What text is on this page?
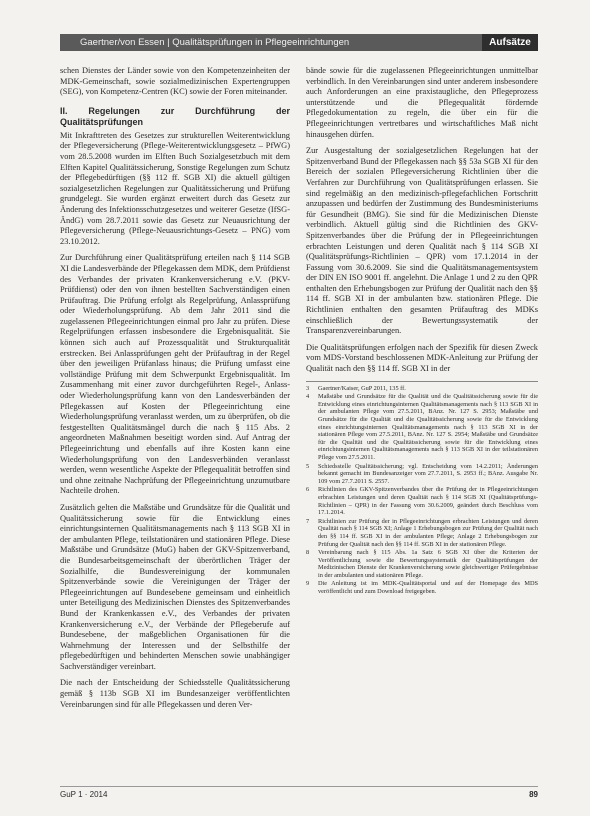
Gaertner/von Essen | Qualitätsprüfungen in Pflegeeinrichtungen	Aufsätze

schen Dienstes der Länder sowie von den Kompetenzeinheiten der MDK-Gemeinschaft, sowie sozialmedizinischen Expertengruppen (SEG), von Kompetenz-Centren (KC) sowie der Foren miteinander.

II. Regelungen zur Durchführung der Qualitätsprüfungen

Mit Inkrafttreten des Gesetzes zur strukturellen Weiterentwicklung der Pflegeversicherung (Pflege-Weiterentwicklungsgesetz – PfWG) vom 28.5.2008 wurden im Elften Buch Sozialgesetzbuch mit dem Elften Kapitel Qualitätssicherung, Sonstige Regelungen zum Schutz der Pflegebedürftigen (§§ 112 ff. SGB XI) die aktuell gültigen sozialgesetzlichen Regelungen zur Qualitätssicherung und Prüfung grundgelegt. Sie wurden ergänzt erweitert durch das Gesetz zur Änderung des Infektionsschutzgesetzes und weiterer Gesetze (IfSG-ÄndG) vom 28.7.2011 sowie das Gesetz zur Neuausrichtung der Pflegeversicherung (Pflege-Neuausrichtungs-Gesetz – PNG) vom 23.10.2012.

Zur Durchführung einer Qualitätsprüfung erteilen nach § 114 SGB XI die Landesverbände der Pflegekassen dem MDK, dem Prüfdienst des Verbandes der privaten Krankenversicherung e.V. (PKV-Prüfdienst) oder den von ihnen bestellten Sachverständigen einen Prüfauftrag. Die Prüfung erfolgt als Regelprüfung, Anlassprüfung oder Wiederholungsprüfung. Ab dem Jahr 2011 sind die zugelassenen Pflegeeinrichtungen einmal pro Jahr zu prüfen. Diese Regelprüfungen erfassen insbesondere die Ergebnisqualität. Sie können sich auch auf Prozessqualität und Strukturqualität erstrecken. Bei Anlassprüfungen geht der Prüfauftrag in der Regel über den jeweiligen Prüfanlass hinaus; die Prüfung umfasst eine vollständige Prüfung mit dem Schwerpunkt Ergebnisqualität. Im Zusammenhang mit einer zuvor durchgeführten Regel-, Anlass- oder Wiederholungsprüfung kann von den Landesverbänden der Pflegekassen auf Kosten der Pflegeeinrichtung eine Wiederholungsprüfung veranlasst werden, um zu überprüfen, ob die festgestellten Qualitätsmängel durch die nach § 115 Abs. 2 angeordneten Maßnahmen beseitigt worden sind. Auf Antrag der Pflegeeinrichtung und ebenfalls auf ihre Kosten kann eine Wiederholungsprüfung von den Landesverbänden veranlasst werden, wenn wesentliche Aspekte der Pflegequalität betroffen sind und ohne zeitnahe Nachprüfung der Pflegeeinrichtung unzumutbare Nachteile drohen.

Zusätzlich gelten die Maßstäbe und Grundsätze für die Qualität und Qualitätssicherung sowie für die Entwicklung eines einrichtungsinternen Qualitätsmanagements nach § 113 SGB XI in der ambulanten Pflege, teilstationären und stationären Pflege. Diese Maßstäbe und Grundsätze (MuG) haben der GKV-Spitzenverband, die Bundesarbeitsgemeinschaft der überörtlichen Träger der Sozialhilfe, die Bundesvereinigung der kommunalen Spitzenverbände sowie die Vereinigungen der Träger der Pflegeeinrichtungen auf Bundesebene gemeinsam und einheitlich unter Beteiligung des Medizinischen Dienstes des Spitzenverbandes Bund der Krankenkassen e.V., des Verbandes der privaten Krankenversicherung e.V., der Verbände der Pflegeberufe auf Bundesebene, der maßgeblichen Organisationen für die Wahrnehmung der Interessen und der Selbsthilfe der pflegebedürftigen und behinderten Menschen sowie unabhängiger Sachverständiger vereinbart.

Die nach der Entscheidung der Schiedsstelle Qualitätssicherung gemäß § 113b SGB XI im Bundesanzeiger veröffentlichten Vereinbarungen sind für alle Pflegekassen und deren Ver-

bände sowie für die zugelassenen Pflegeeinrichtungen unmittelbar verbindlich. In den Vereinbarungen sind unter anderem insbesondere auch Anforderungen an eine praxistaugliche, den Pflegeprozess unterstützende und die Pflegequalität fördernde Pflegedokumentation zu regeln, die über ein für die Pflegeeinrichtungen vertretbares und wirtschaftliches Maß nicht hinausgehen dürfen.

Zur Ausgestaltung der sozialgesetzlichen Regelungen hat der Spitzenverband Bund der Pflegekassen nach §§ 53a SGB XI für den Bereich der sozialen Pflegeversicherung Richtlinien über die Verfahren zur Durchführung von Qualitätsprüfungen erlassen. Sie sind regelmäßig an den medizinisch-pflegefachlichen Fortschritt anzupassen und bedürfen der Zustimmung des Bundesministeriums für Gesundheit (BMG). Sie sind für die Medizinischen Dienste verbindlich. Aktuell gültig sind die Richtlinien des GKV-Spitzenverbandes über die Prüfung der in Pflegeeinrichtungen erbrachten Leistungen und deren Qualität nach § 114 SGB XI (Qualitätsprüfungs-Richtlinien – QPR) vom 17.1.2014 in der Fassung vom 30.6.2009. Sie sind die Qualitätsmanagementsystem der DIN EN ISO 9001 ff. angelehnt. Die Anlage 1 und 2 zu den QPR enthalten den Erhebungsbogen zur Prüfung der Qualität nach den §§ 114 ff. SGB XI in der ambulanten bzw. stationären Pflege. Die Richtlinien enthalten den gesamten Prüfauftrag des MDKs einschließlich der Bewertungssystematik der Transparenzvereinbarungen.

Die Qualitätsprüfungen erfolgen nach der Spezifik für diesen Zweck vom MDS-Vorstand beschlossenen MDK-Anleitung zur Prüfung der Qualität nach den §§ 114 ff. SGB XI in der

3	Gaertner/Kaiser, GuP 2011, 135 ff.
4	Maßstäbe und Grundsätze für die Qualität und die Qualitätssicherung sowie für die Entwicklung eines einrichtungsinternen Qualitätsmanagements nach § 113 SGB XI in der ambulanten Pflege vom 27.5.2011, BAnz. Nr. 127 S. 2953; Maßstäbe und Grundsätze für die Qualität und die Qualitätssicherung sowie für die Entwicklung eines einrichtungsinternen Qualitätsmanagements nach § 113 SGB XI in der stationären Pflege vom 27.5.2011, BAnz. Nr. 127 S. 2954; Maßstäbe und Grundsätze für die Qualität und die Qualitätssicherung sowie für die Entwicklung eines einrichtungsinternen Qualitätsmanagements nach § 113 SGB XI in der teilstationären Pflege vom 27.5.2011.
5	Schiedsstelle Qualitätssicherung; vgl. Entscheidung vom 14.2.2011; Änderungen bekannt gemacht im Bundesanzeiger vom 27.7.2011, S. 2953 ff.; BAnz. Ausgabe Nr. 109 vom 27.7.2011 S. 2557.
6	Richtlinien des GKV-Spitzenverbandes über die Prüfung der in Pflegeeinrichtungen erbrachten Leistungen und deren Qualität nach § 114 SGB XI (Qualitätsprüfungs-Richtlinien – QPR) in der Fassung vom 30.6.2009, geändert durch Beschluss vom 17.1.2014.
7	Richtlinien zur Prüfung der in Pflegeeinrichtungen erbrachten Leistungen und deren Qualität nach § 114 SGB XI; Anlage 1 Erhebungsbogen zur Prüfung der Qualität nach den §§ 114 ff. SGB XI in der ambulanten Pflege; Anlage 2 Erhebungsbogen zur Prüfung der Qualität nach den §§ 114 ff. SGB XI in der stationären Pflege.
8	Vereinbarung nach § 115 Abs. 1a Satz 6 SGB XI über die Kriterien der Veröffentlichung sowie die Bewertungssystematik der Qualitätsprüfungen der Medizinischen Dienste der Krankenversicherung sowie gleichwertiger Prüfergebnisse in der ambulanten und stationären Pflege.
9	Die Anleitung ist im MDK-Qualitätsportal und auf der Homepage des MDS veröffentlicht und zum Download freigegeben.
GuP 1 · 2014	89
